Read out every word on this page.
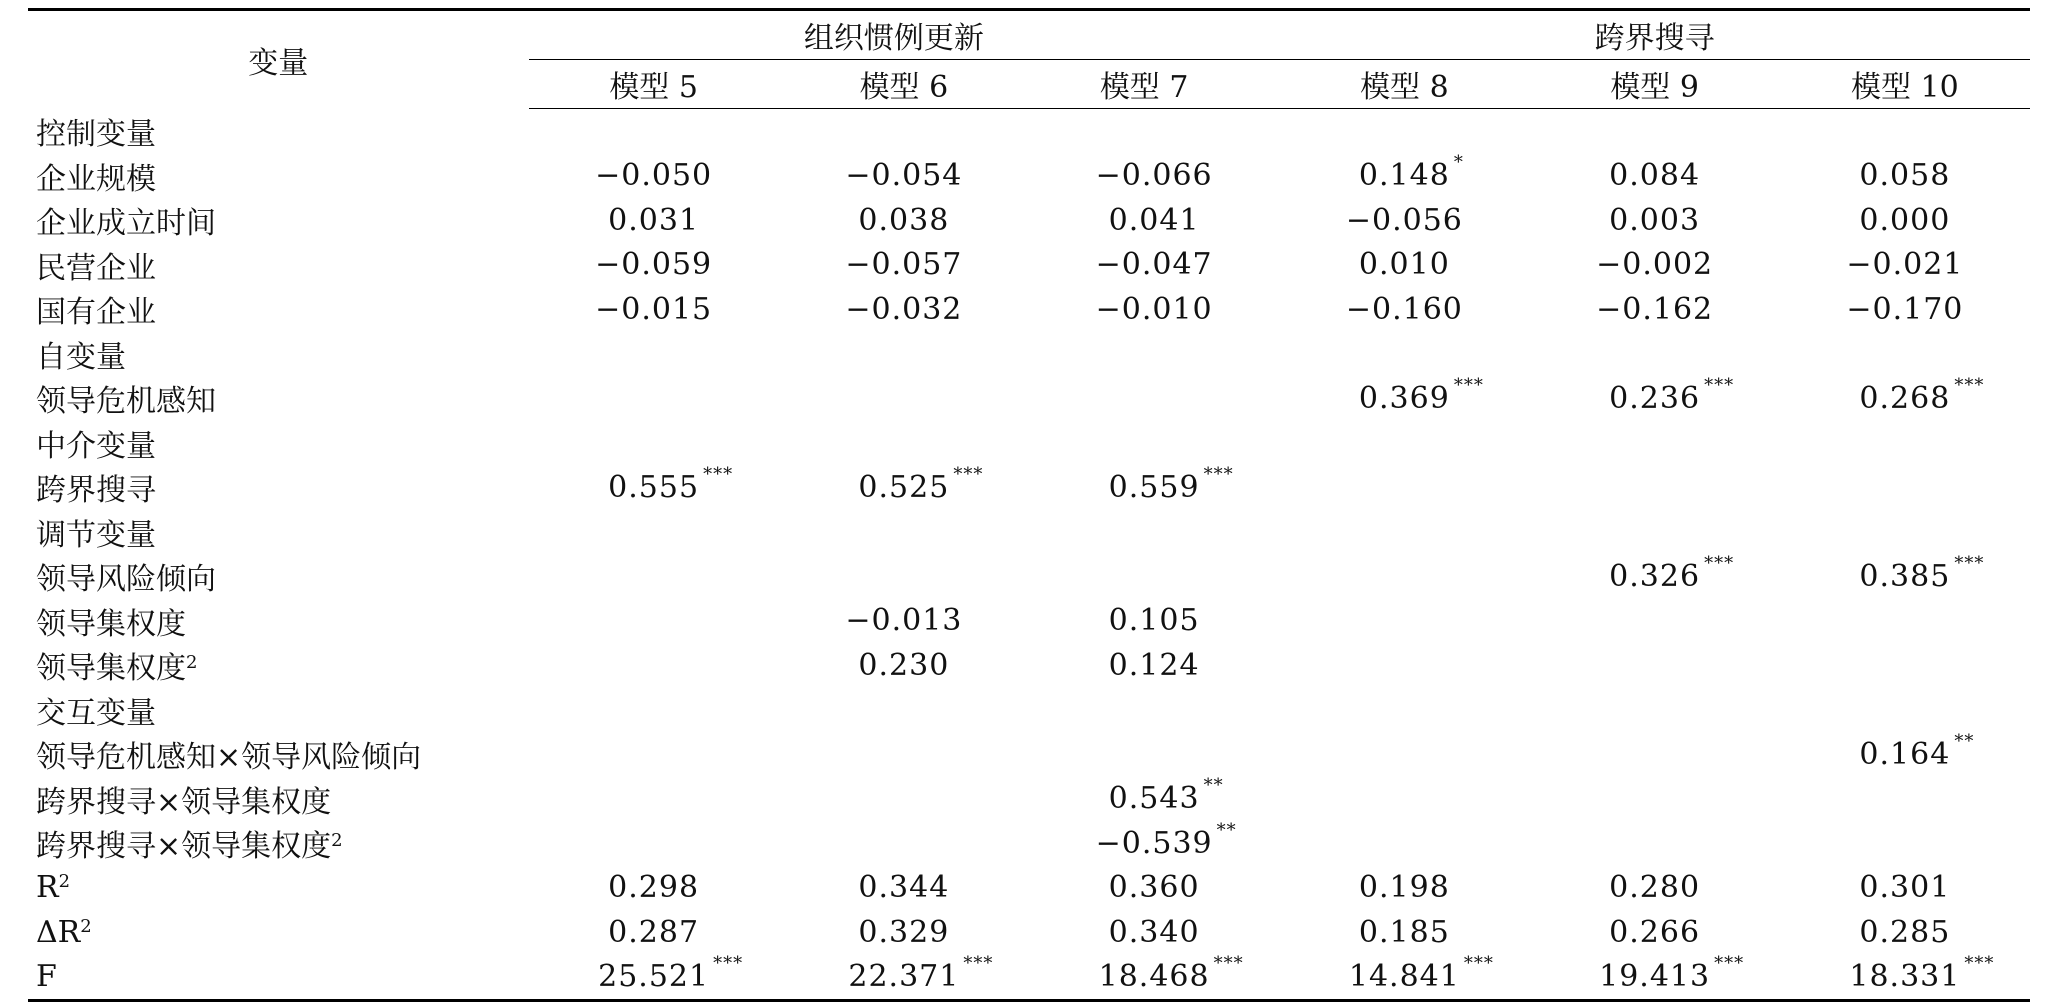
变量	组织惯例更新			跨界搜寻		
	模型 5	模型 6	模型 7	模型 8	模型 9	模型 10
控制变量						
企业规模	−0.050	−0.054	−0.066	0.148 *	0.084	0.058
企业成立时间	0.031	0.038	0.041	−0.056	0.003	0.000
民营企业	−0.059	−0.057	−0.047	0.010	−0.002	−0.021
国有企业	−0.015	−0.032	−0.010	−0.160	−0.162	−0.170
自变量						
领导危机感知				0.369 ***	0.236 ***	0.268 ***

中介变量						
跨界搜寻	0.555 ***	0.525 ***	0.559 ***			

调节变量						
领导风险倾向					0.326 ***	0.385 ***

领导集权度		−0.013	0.105			
领导集权度$^2$		0.230	0.124			
交互变量						
领导危机感知×领导风险倾向						0.164 **

跨界搜寻×领导集权度			0.543 **			

跨界搜寻×领导集权度$^2$			−0.539 **			

$R^2$	0.298	0.344	0.360	0.198	0.280	0.301
$\Delta R^2$	0.287	0.329	0.340	0.185	0.266	0.285
F	25.521 ***	22.371 ***	18.468 ***	14.841 ***	19.413 ***	18.331 ***
